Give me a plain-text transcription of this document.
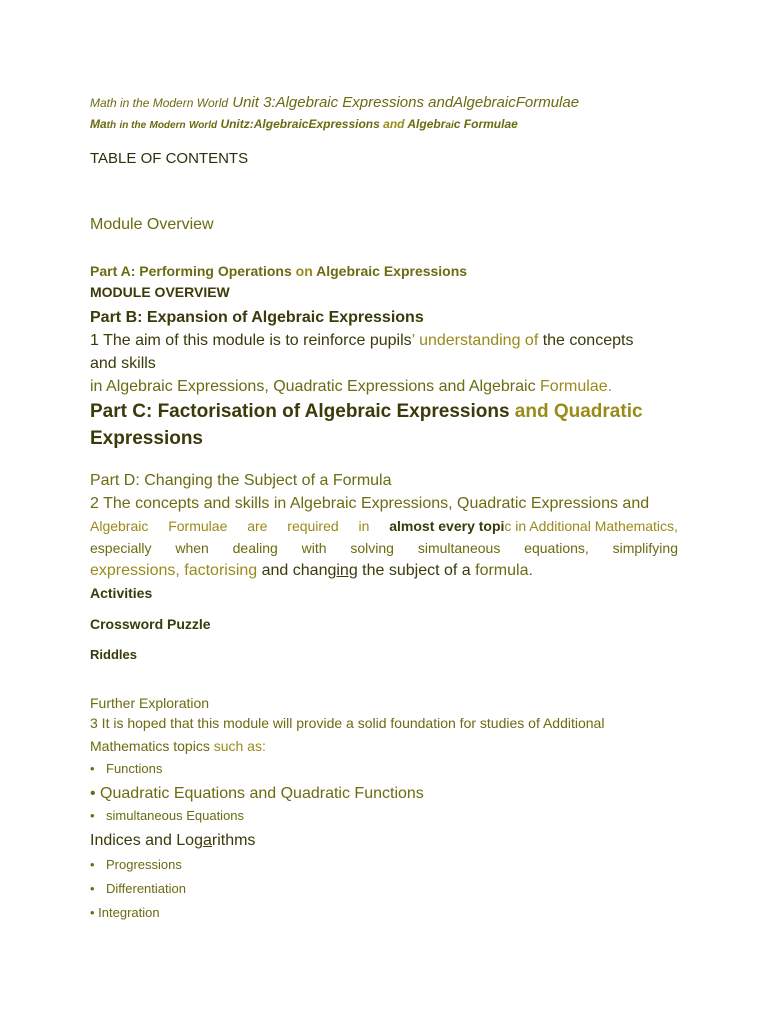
Math in the Modern World Unit 3:Algebraic Expressions andAlgebraicFormulae
Math in the Modern World Unitz:AlgebraicExpressions and Algebraic Formulae
TABLE OF CONTENTS
Module Overview
Part A: Performing Operations on Algebraic Expressions
MODULE OVERVIEW
Part B: Expansion of Algebraic Expressions
1 The aim of this module is to reinforce pupils’ understanding of the concepts
and skills
in Algebraic Expressions, Quadratic Expressions and Algebraic Formulae.
Part C: Factorisation of Algebraic Expressions and Quadratic
Expressions
Part D: Changing the Subject of a Formula
2 The concepts and skills in Algebraic Expressions, Quadratic Expressions and
Algebraic Formulae are required in almost every topic in Additional Mathematics,
especially when dealing with solving simultaneous equations, simplifying
expressions, factorising and changing the subject of a formula.
Activities
Crossword Puzzle
Riddles
Further Exploration
3 It is hoped that this module will provide a solid foundation for studies of Additional
Mathematics topics such as:
• Functions
• Quadratic Equations and Quadratic Functions
• simultaneous Equations
Indices and Logarithms
• Progressions
• Differentiation
• Integration
